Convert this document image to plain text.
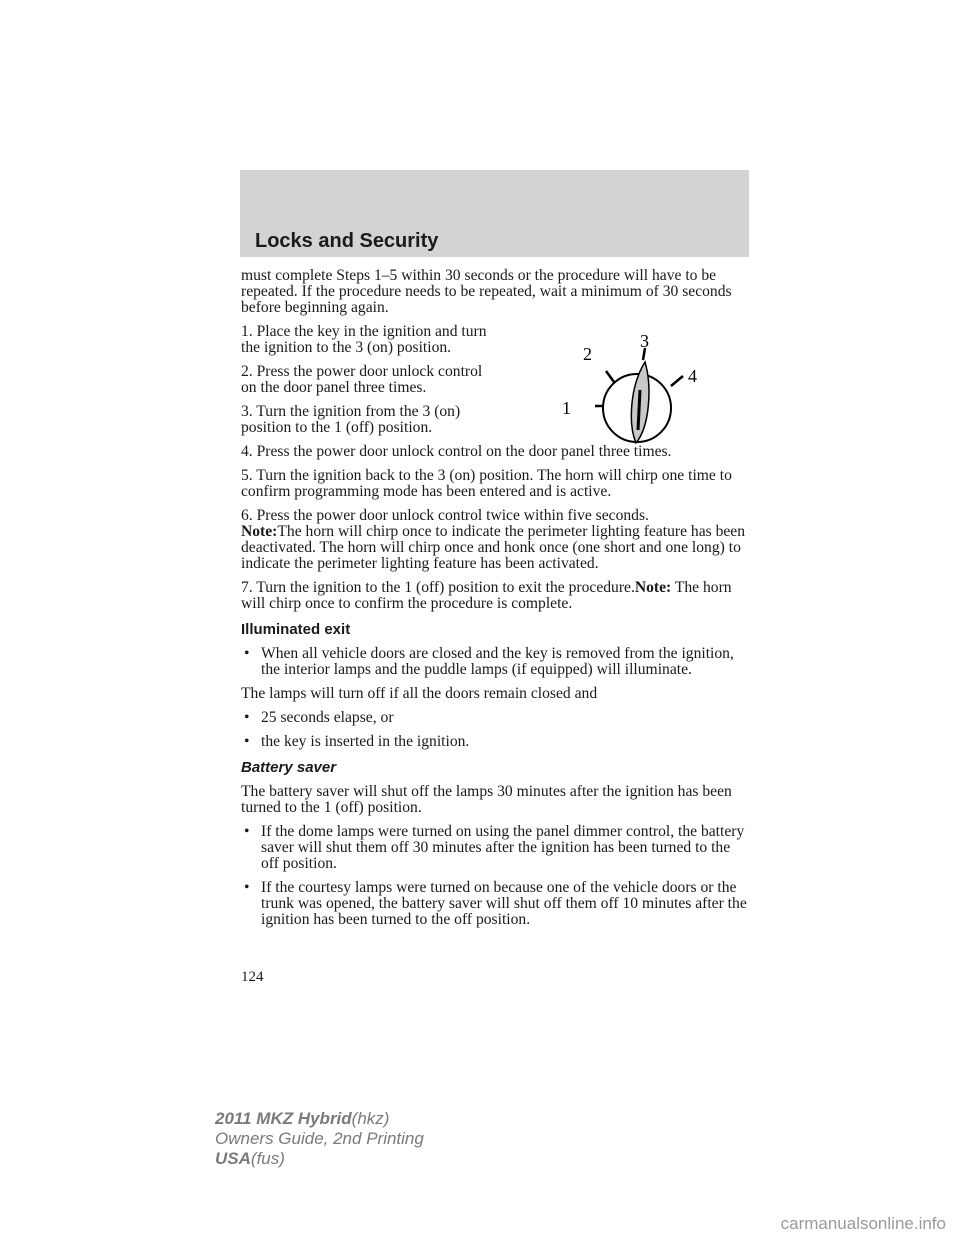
Locks and Security

must complete Steps 1–5 within 30 seconds or the procedure will have to be repeated. If the procedure needs to be repeated, wait a minimum of 30 seconds before beginning again.

1. Place the key in the ignition and turn the ignition to the 3 (on) position.

2. Press the power door unlock control on the door panel three times.

3. Turn the ignition from the 3 (on) position to the 1 (off) position.

4. Press the power door unlock control on the door panel three times.

5. Turn the ignition back to the 3 (on) position. The horn will chirp one time to confirm programming mode has been entered and is active.

6. Press the power door unlock control twice within five seconds.
Note:The horn will chirp once to indicate the perimeter lighting feature has been deactivated. The horn will chirp once and honk once (one short and one long) to indicate the perimeter lighting feature has been activated.

7. Turn the ignition to the 1 (off) position to exit the procedure.Note: The horn will chirp once to confirm the procedure is complete.

Illuminated exit
• When all vehicle doors are closed and the key is removed from the ignition, the interior lamps and the puddle lamps (if equipped) will illuminate.

The lamps will turn off if all the doors remain closed and

• 25 seconds elapse, or
• the key is inserted in the ignition.
Battery saver

The battery saver will shut off the lamps 30 minutes after the ignition has been turned to the 1 (off) position.

• If the dome lamps were turned on using the panel dimmer control, the battery saver will shut them off 30 minutes after the ignition has been turned to the off position.
• If the courtesy lamps were turned on because one of the vehicle doors or the trunk was opened, the battery saver will shut off them off 10 minutes after the ignition has been turned to the off position.
1
2
3
4
124
2011 MKZ Hybrid(hkz)
Owners Guide, 2nd Printing
USA(fus)
carmanualsonline.info
